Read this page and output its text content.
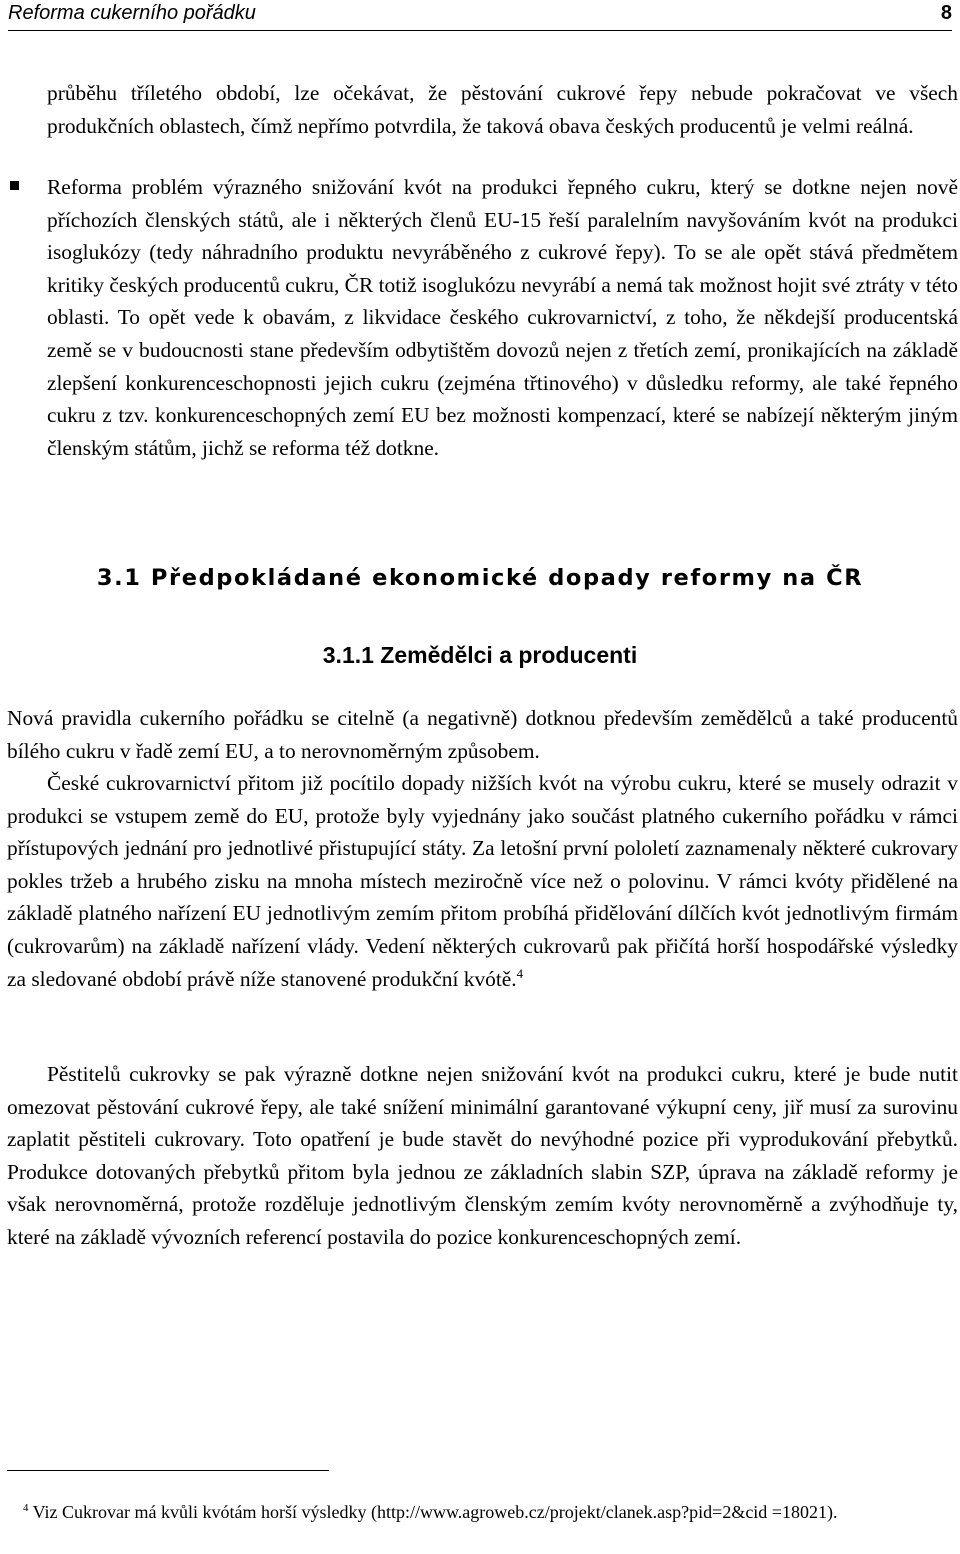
Reforma cukerního pořádku	8

průběhu tříletého období, lze očekávat, že pěstování cukrové řepy nebude pokračovat ve všech produkčních oblastech, čímž nepřímo potvrdila, že taková obava českých producentů je velmi reálná.

Reforma problém výrazného snižování kvót na produkci řepného cukru, který se dotkne nejen nově příchozích členských států, ale i některých členů EU-15 řeší paralelním navyšováním kvót na produkci isoglukózy (tedy náhradního produktu nevyráběného z cukrové řepy). To se ale opět stává předmětem kritiky českých producentů cukru, ČR totiž isoglukózu nevyrábí a nemá tak možnost hojit své ztráty v této oblasti. To opět vede k obavám, z likvidace českého cukrovarnictví, z toho, že někdejší producentská země se v budoucnosti stane především odbytištěm dovozů nejen z třetích zemí, pronikajících na základě zlepšení konkurenceschopnosti jejich cukru (zejména třtinového) v důsledku reformy, ale také řepného cukru z tzv. konkurenceschopných zemí EU bez možnosti kompenzací, které se nabízejí některým jiným členským státům, jichž se reforma též dotkne.

3.1 Předpokládané ekonomické dopady reformy na ČR
3.1.1 Zemědělci a producenti

Nová pravidla cukerního pořádku se citelně (a negativně) dotknou především zemědělců a také producentů bílého cukru v řadě zemí EU, a to nerovnoměrným způsobem.

České cukrovarnictví přitom již pocítilo dopady nižších kvót na výrobu cukru, které se musely odrazit v produkci se vstupem země do EU, protože byly vyjednány jako součást platného cukerního pořádku v rámci přístupových jednání pro jednotlivé přistupující státy. Za letošní první pololetí zaznamenaly některé cukrovary pokles tržeb a hrubého zisku na mnoha místech meziročně více než o polovinu. V rámci kvóty přidělené na základě platného nařízení EU jednotlivým zemím přitom probíhá přidělování dílčích kvót jednotlivým firmám (cukrovarům) na základě nařízení vlády. Vedení některých cukrovarů pak přičítá horší hospodářské výsledky za sledované období právě níže stanovené produkční kvótě.$^4$

Pěstitelů cukrovky se pak výrazně dotkne nejen snižování kvót na produkci cukru, které je bude nutit omezovat pěstování cukrové řepy, ale také snížení minimální garantované výkupní ceny, jiř musí za surovinu zaplatit pěstiteli cukrovary. Toto opatření je bude stavět do nevýhodné pozice při vyprodukování přebytků. Produkce dotovaných přebytků přitom byla jednou ze základních slabin SZP, úprava na základě reformy je však nerovnoměrná, protože rozděluje jednotlivým členským zemím kvóty nerovnoměrně a zvýhodňuje ty, které na základě vývozních referencí postavila do pozice konkurenceschopných zemí.

$^4$ Viz Cukrovar má kvůli kvótám horší výsledky (http://www.agroweb.cz/projekt/clanek.asp?pid=2&cid =18021).
